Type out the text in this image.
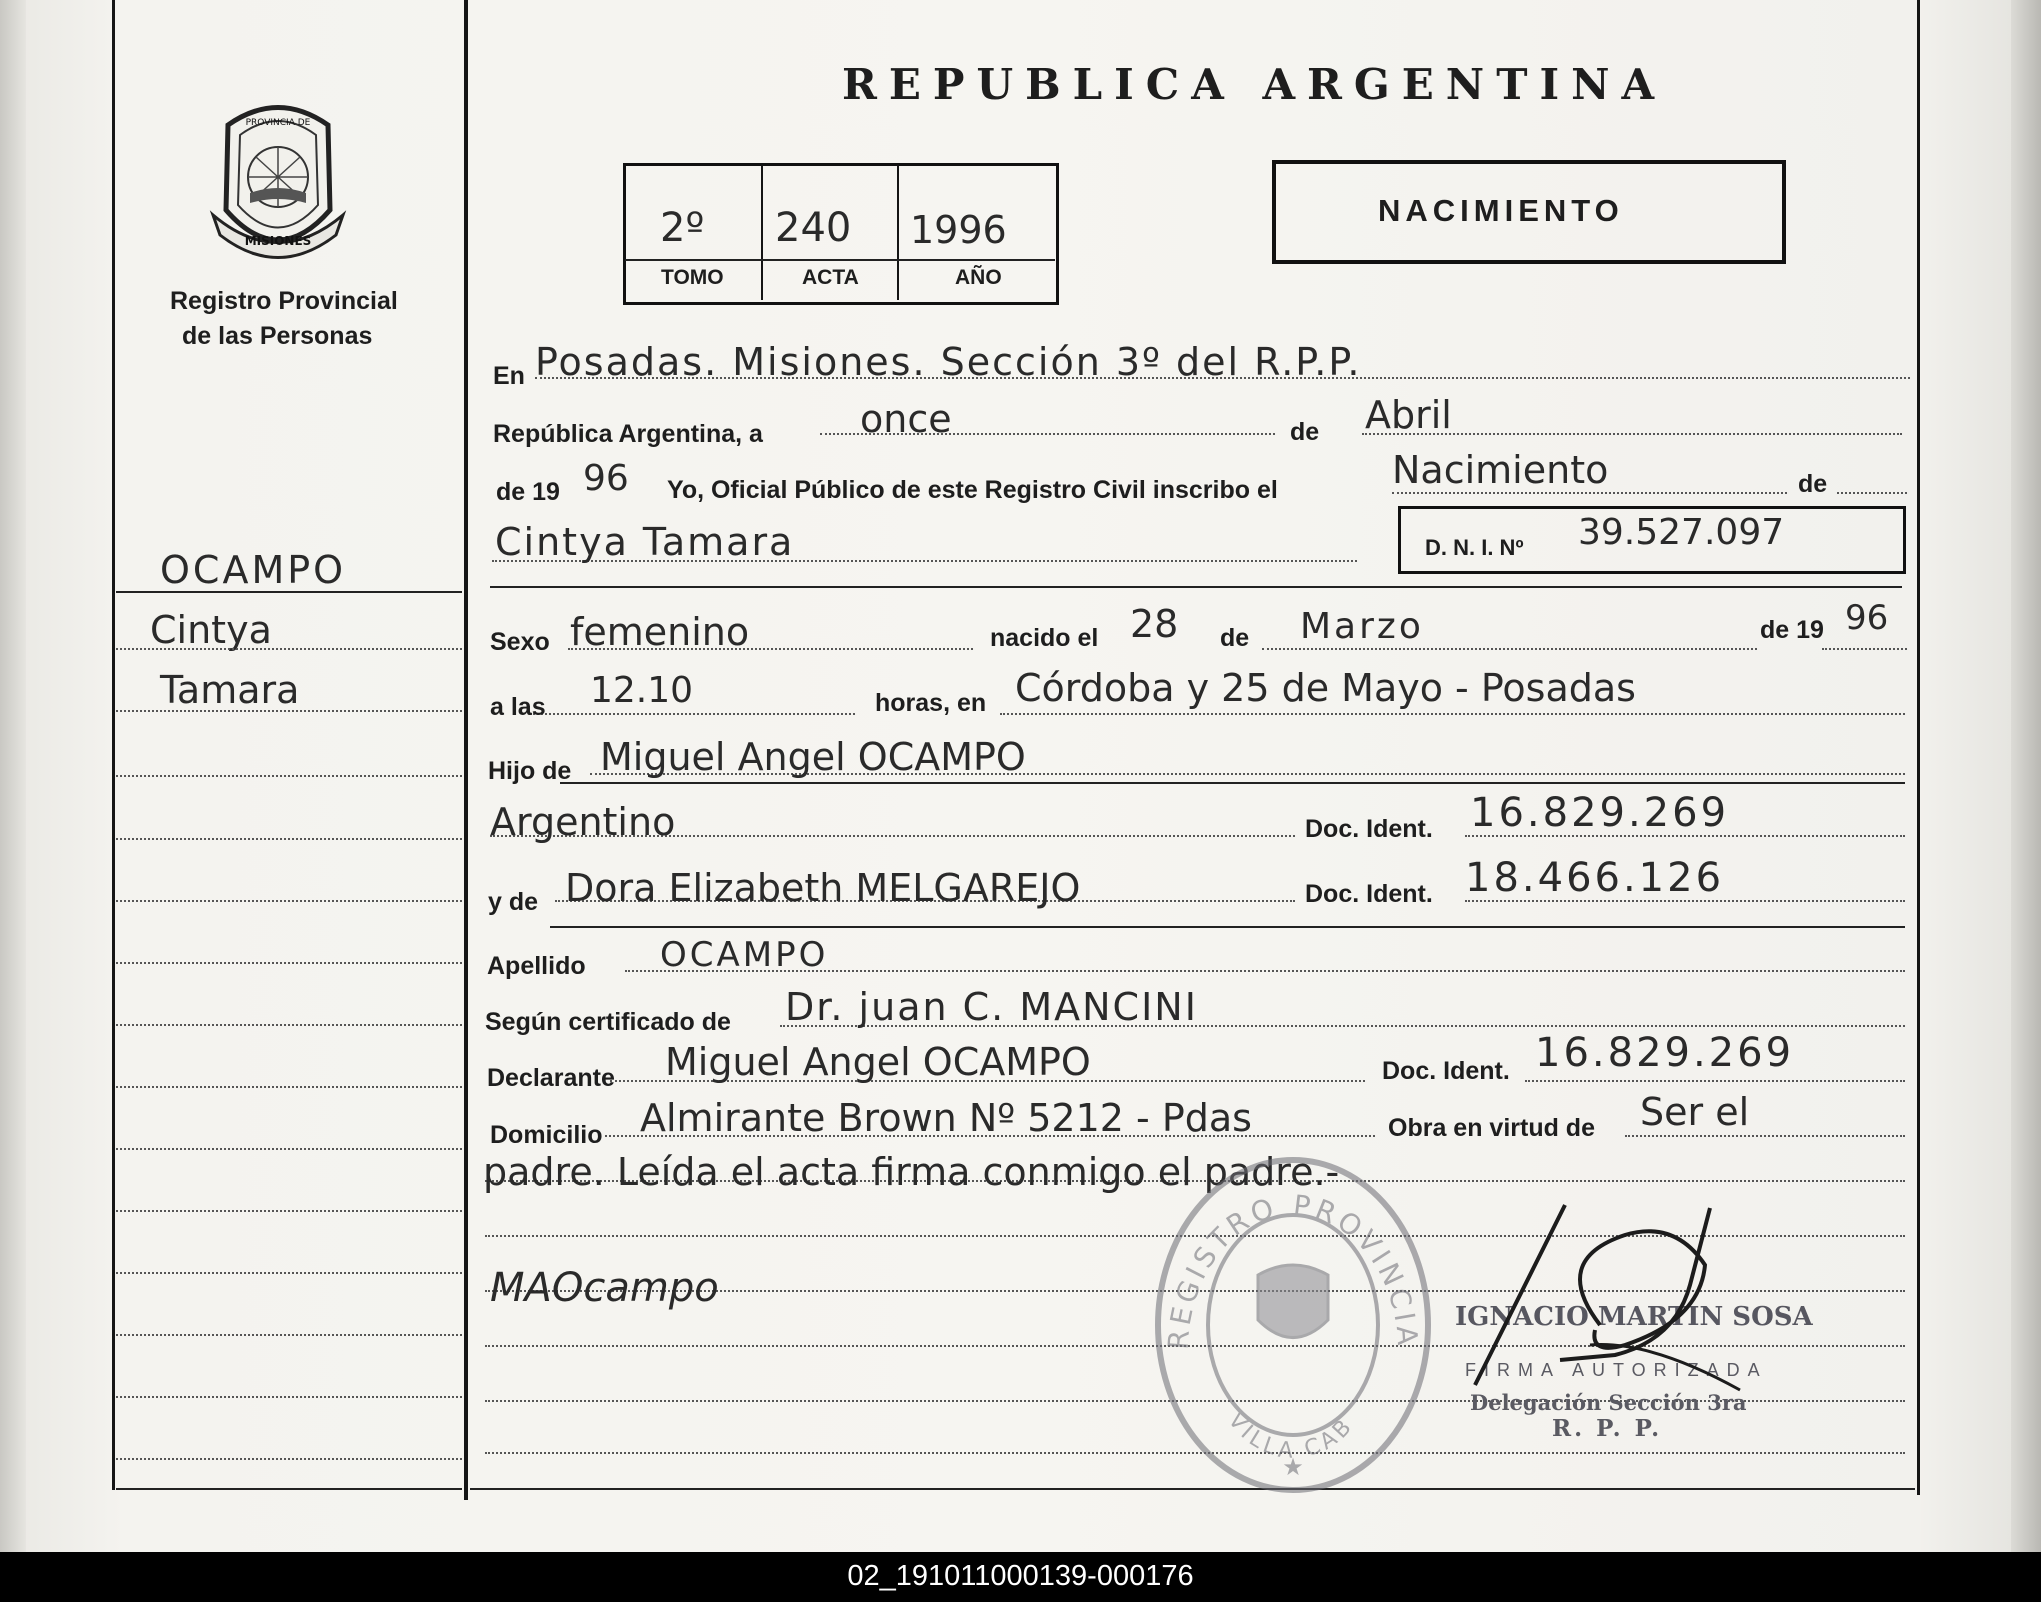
MISIONES
PROVINCIA DE
Registro Provincial
de las Personas
REPUBLICA ARGENTINA
2º 240 1996
TOMO	ACTA	AÑO
NACIMIENTO
OCAMPO
Cintya
Tamara
En Posadas. Misiones. Sección 3º del R.P.P.
República Argentina, a	once	de Abril
de 19 96 Yo, Oficial Público de este Registro Civil inscribo el	Nacimiento	de
Cintya Tamara	D. N. I. Nº 39.527.097
Sexo femenino	nacido el 28 de Marzo	de 19 96
a las 12.10	horas, en Córdoba y 25 de Mayo - Posadas
Hijo de Miguel Angel OCAMPO
Argentino	Doc. Ident. 16.829.269
y de Dora Elizabeth MELGAREJO	Doc. Ident. 18.466.126
Apellido OCAMPO
Según certificado de Dr. juan C. MANCINI
Declarante Miguel Angel OCAMPO	Doc. Ident. 16.829.269
Domicilio Almirante Brown Nº 5212 - Pdas	Obra en virtud de Ser el
padre. Leída el acta firma conmigo el padre.-
MAOcampo
REGISTRO PROVINCIA
VILLA CAB
★
IGNACIO MARTIN SOSA
FIRMA AUTORIZADA
Delegación Sección 3ra
R. P. P.
02_191011000139-000176
